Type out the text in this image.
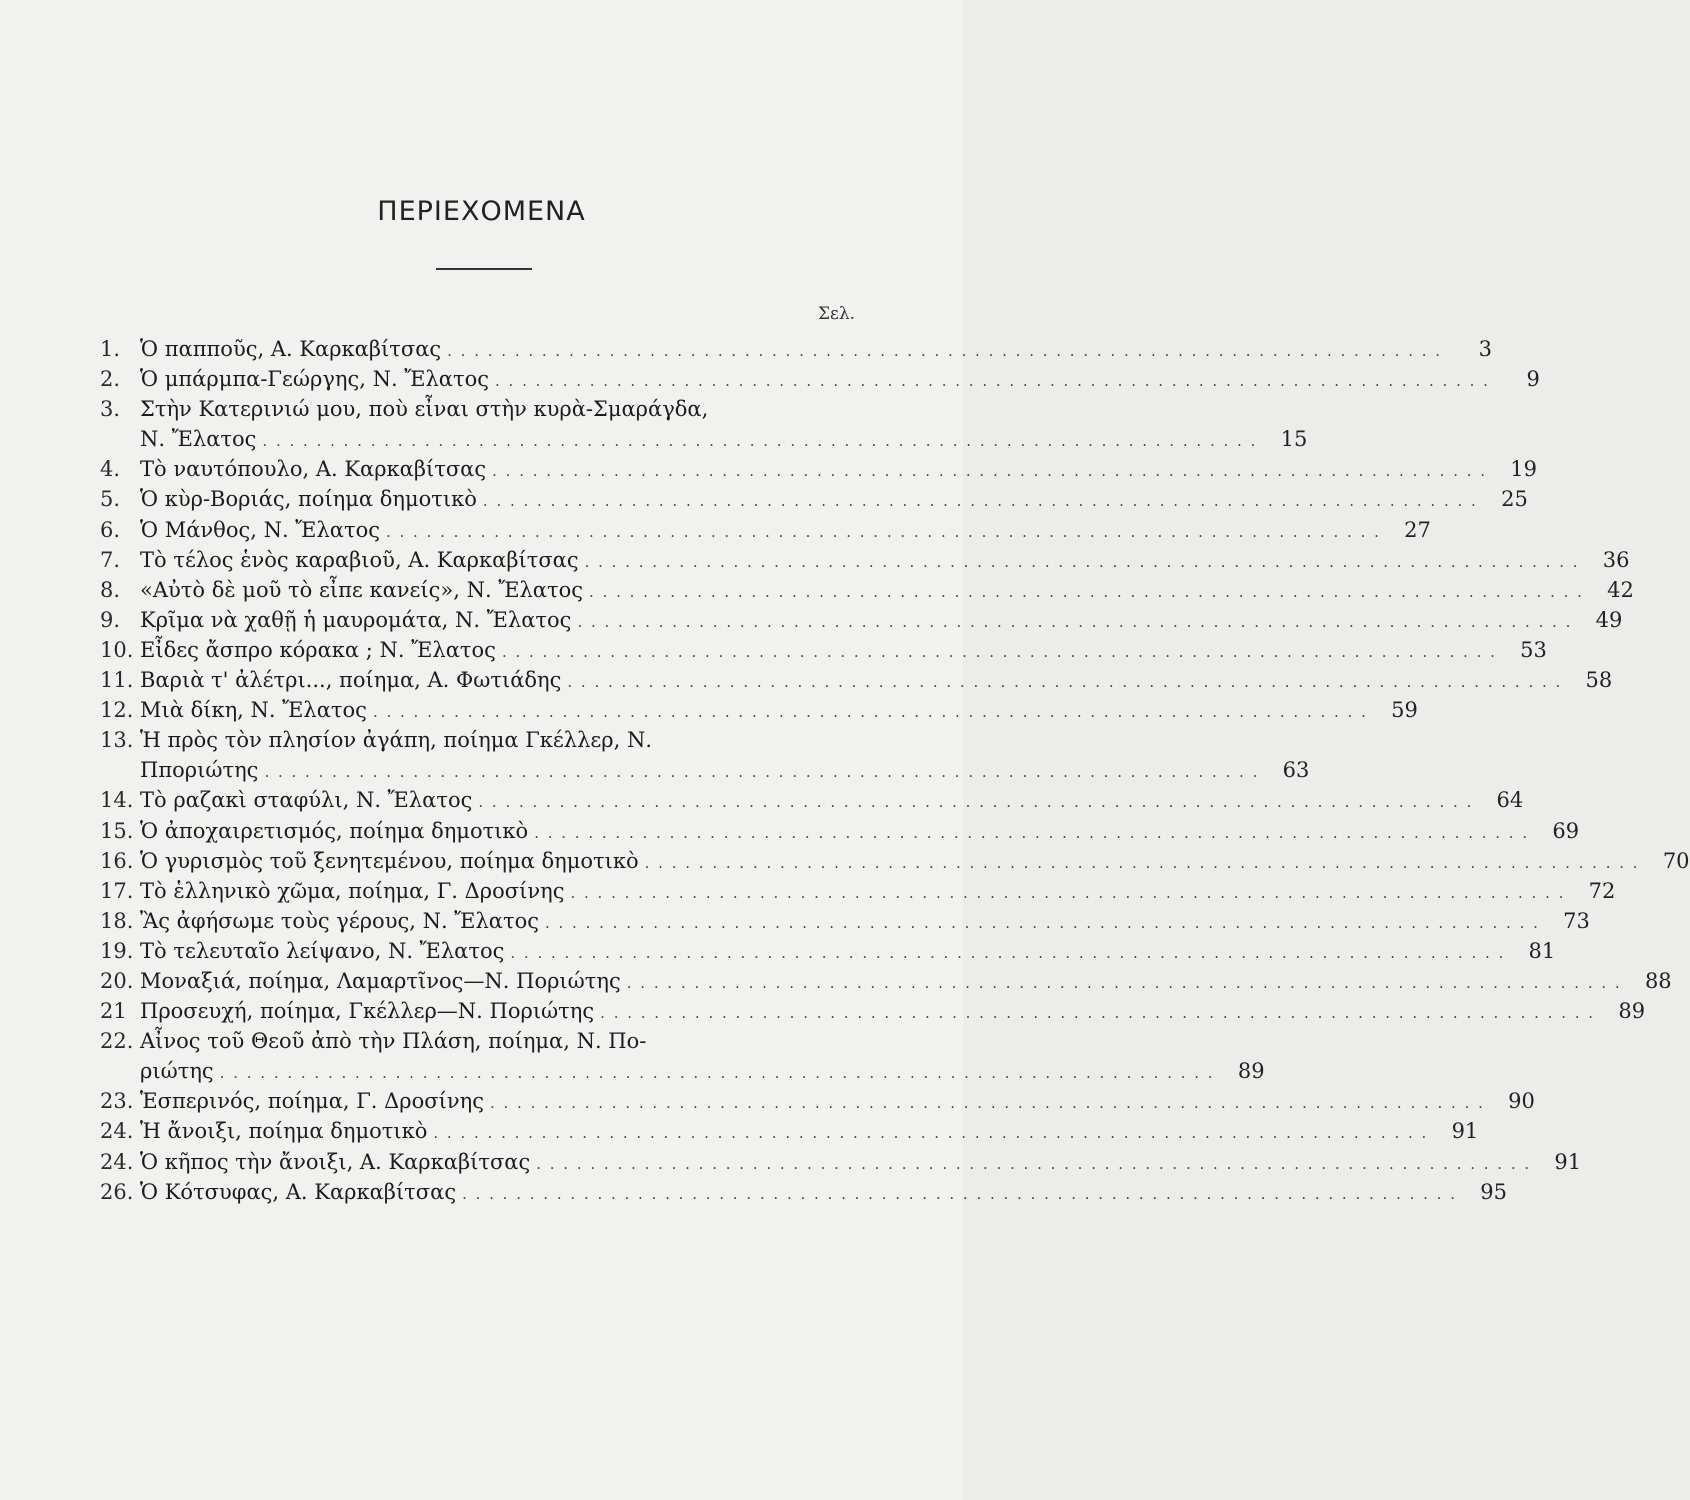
ΠΕΡΙΕΧΟΜΕΝΑ
Σελ.
1. Ὁ παπποῦς, Α. Καρκαβίτσας . . .	3
2. Ὁ μπάρμπα-Γεώργης, Ν. Ἔλατος . . .	9
3. Στὴν Κατερινιώ μου, ποὺ εἶναι στὴν κυρὰ-Σμαράγδα,
Ν. Ἔλατος . . .	15
4. Τὸ ναυτόπουλο, Α. Καρκαβίτσας . . .	19
5. Ὁ κὺρ-Βοριάς, ποίημα δημοτικὸ . . .	25
6. Ὁ Μάνθος, Ν. Ἔλατος . . .	27
7. Τὸ τέλος ἑνὸς καραβιοῦ, Α. Καρκαβίτσας . . .	36
8. «Αὐτὸ δὲ μοῦ τὸ εἶπε κανείς», Ν. Ἔλατος . . .	42
9. Κρῖμα νὰ χαθῇ ἡ μαυρομάτα, Ν. Ἔλατος . . .	49
10. Εἶδες ἄσπρο κόρακα ; Ν. Ἔλατος . . .	53
11. Βαριὰ τ' ἀλέτρι..., ποίημα, Α. Φωτιάδης . . .	58
12. Μιὰ δίκη, Ν. Ἔλατος . . .	59
13. Ἡ πρὸς τὸν πλησίον ἀγάπη, ποίημα Γκέλλερ, Ν.
Πποριώτης . . .	63
14. Τὸ ραζακὶ σταφύλι, Ν. Ἔλατος . . .	64
15. Ὁ ἀποχαιρετισμός, ποίημα δημοτικὸ . . .	69
16. Ὁ γυρισμὸς τοῦ ξενητεμένου, ποίημα δημοτικὸ . . .	70
17. Τὸ ἑλληνικὸ χῶμα, ποίημα, Γ. Δροσίνης . . .	72
18. Ἂς ἀφήσωμε τοὺς γέρους, Ν. Ἔλατος . . .	73
19. Τὸ τελευταῖο λείψανο, Ν. Ἔλατος . . .	81
20. Μοναξιά, ποίημα, Λαμαρτῖνος—Ν. Ποριώτης . . .	88
21 Προσευχή, ποίημα, Γκέλλερ—Ν. Ποριώτης . . .	89
22. Αἶνος τοῦ Θεοῦ ἀπὸ τὴν Πλάση, ποίημα, Ν. Πο-
ριώτης . . .	89
23. Ἑσπερινός, ποίημα, Γ. Δροσίνης . . .	90
24. Ἡ ἄνοιξι, ποίημα δημοτικὸ . . .	91
24. Ὁ κῆπος τὴν ἄνοιξι, Α. Καρκαβίτσας . . .	91
26. Ὁ Κότσυφας, Α. Καρκαβίτσας . . .	95
